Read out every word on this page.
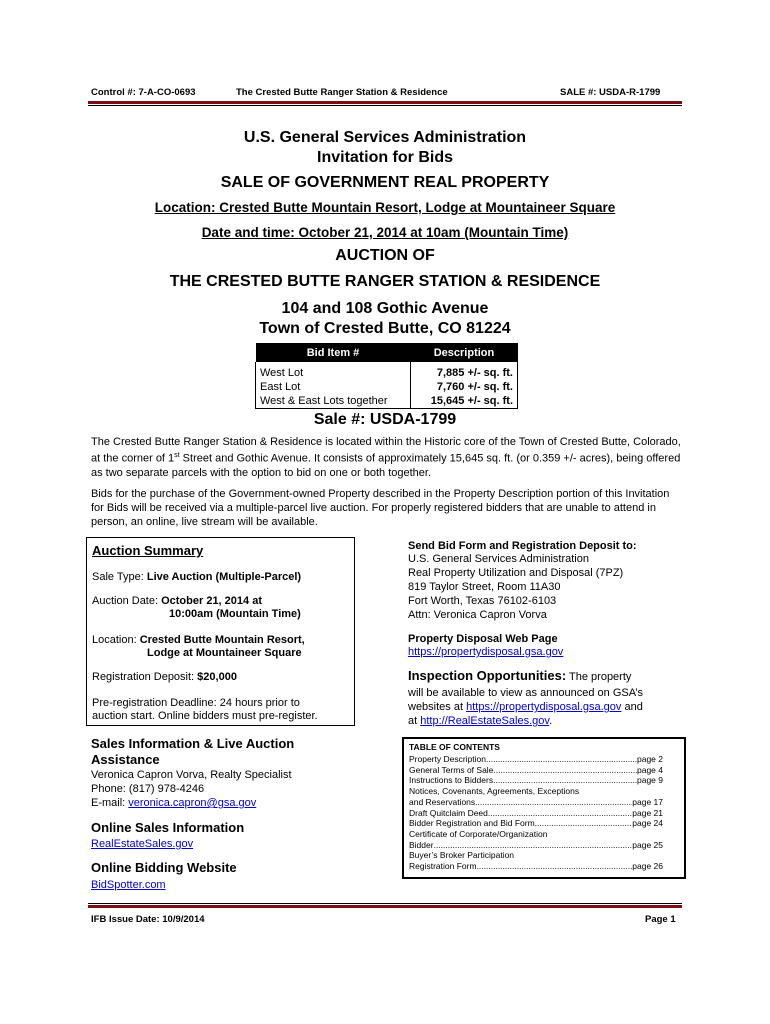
Control #: 7-A-CO-0693	The Crested Butte Ranger Station & Residence	SALE #: USDA-R-1799
U.S. General Services Administration
Invitation for Bids
SALE OF GOVERNMENT REAL PROPERTY
Location: Crested Butte Mountain Resort, Lodge at Mountaineer Square
Date and time: October 21, 2014 at 10am (Mountain Time)
AUCTION OF
THE CRESTED BUTTE RANGER STATION & RESIDENCE
104 and 108 Gothic Avenue
Town of Crested Butte, CO 81224
Bid Item #	Description
West Lot	7,885 +/- sq. ft.
East Lot	7,760 +/- sq. ft.
West & East Lots together	15,645 +/- sq. ft.
Sale #: USDA-1799
The Crested Butte Ranger Station & Residence is located within the Historic core of the Town of Crested Butte, Colorado, at the corner of 1st Street and Gothic Avenue. It consists of approximately 15,645 sq. ft. (or 0.359 +/- acres), being offered as two separate parcels with the option to bid on one or both together.
Bids for the purchase of the Government-owned Property described in the Property Description portion of this Invitation for Bids will be received via a multiple-parcel live auction. For properly registered bidders that are unable to attend in person, an online, live stream will be available.
Auction Summary
Sale Type: Live Auction (Multiple-Parcel)
Auction Date: October 21, 2014 at
10:00am (Mountain Time)
Location: Crested Butte Mountain Resort,
Lodge at Mountaineer Square
Registration Deposit: $20,000
Pre-registration Deadline: 24 hours prior to
auction start. Online bidders must pre-register.
Sales Information & Live Auction
Assistance
Veronica Capron Vorva, Realty Specialist
Phone: (817) 978-4246
E-mail: veronica.capron@gsa.gov
Online Sales Information
RealEstateSales.gov
Online Bidding Website
BidSpotter.com
Send Bid Form and Registration Deposit to:
U.S. General Services Administration
Real Property Utilization and Disposal (7PZ)
819 Taylor Street, Room 11A30
Fort Worth, Texas 76102-6103
Attn: Veronica Capron Vorva
Property Disposal Web Page
https://propertydisposal.gsa.gov
Inspection Opportunities: The property
will be available to view as announced on GSA’s
websites at https://propertydisposal.gsa.gov and
at http://RealEstateSales.gov.
TABLE OF CONTENTS
Property Description .....	page 2
General Terms of Sale .....	page 4
Instructions to Bidders .....	page 9
Notices, Covenants, Agreements, Exceptions
and Reservations .....	page 17
Draft Quitclaim Deed .....	page 21
Bidder Registration and Bid Form .....	page 24
Certificate of Corporate/Organization
Bidder .....	page 25
Buyer’s Broker Participation
Registration Form .....	page 26
IFB Issue Date: 10/9/2014	Page 1
